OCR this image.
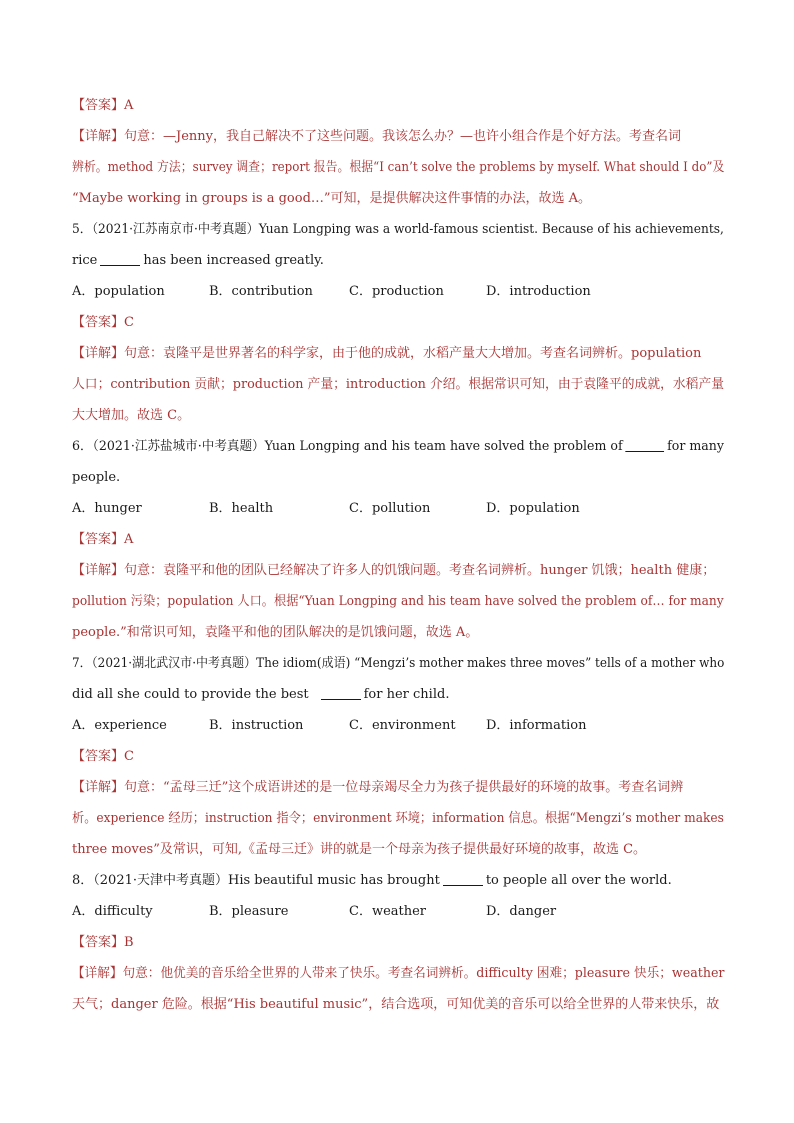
【答案】A
【详解】句意：—Jenny，我自己解决不了这些问题。我该怎么办？—也许小组合作是个好方法。考查名词
辨析。method 方法；survey 调查；report 报告。根据“I can’t solve the problems by myself. What should I do”及
“Maybe working in groups is a good…”可知，是提供解决这件事情的办法，故选 A。
5．（2021·江苏南京市·中考真题）Yuan Longping was a world-famous scientist. Because of his achievements,
rice	has been increased greatly.
A．population	B．contribution	C．production	D．introduction
【答案】C
【详解】句意：袁隆平是世界著名的科学家，由于他的成就，水稻产量大大增加。考查名词辨析。population
人口；contribution 贡献；production 产量；introduction 介绍。根据常识可知，由于袁隆平的成就，水稻产量
大大增加。故选 C。
6．（2021·江苏盐城市·中考真题）Yuan Longping and his team have solved the problem of	for many
people.
A．hunger	B．health	C．pollution	D．population
【答案】A
【详解】句意：袁隆平和他的团队已经解决了许多人的饥饿问题。考查名词辨析。hunger 饥饿；health 健康；
pollution 污染；population 人口。根据“Yuan Longping and his team have solved the problem of… for many
people.”和常识可知，袁隆平和他的团队解决的是饥饿问题，故选 A。
7．（2021·湖北武汉市·中考真题）The idiom(成语) “Mengzi’s mother makes three moves” tells of a mother who
did all she could to provide the best	for her child.
A．experience	B．instruction	C．environment D．information
【答案】C
【详解】句意：“孟母三迁”这个成语讲述的是一位母亲竭尽全力为孩子提供最好的环境的故事。考查名词辨
析。experience 经历；instruction 指令；environment 环境；information 信息。根据“Mengzi’s mother makes
three moves”及常识，可知,《孟母三迁》讲的就是一个母亲为孩子提供最好环境的故事，故选 C。
8．（2021·天津中考真题）His beautiful music has brought	to people all over the world.
A．difficulty	B．pleasure	C．weather	D．danger
【答案】B
【详解】句意：他优美的音乐给全世界的人带来了快乐。考查名词辨析。difficulty 困难；pleasure 快乐；weather
天气；danger 危险。根据“His beautiful music”，结合选项，可知优美的音乐可以给全世界的人带来快乐，故
